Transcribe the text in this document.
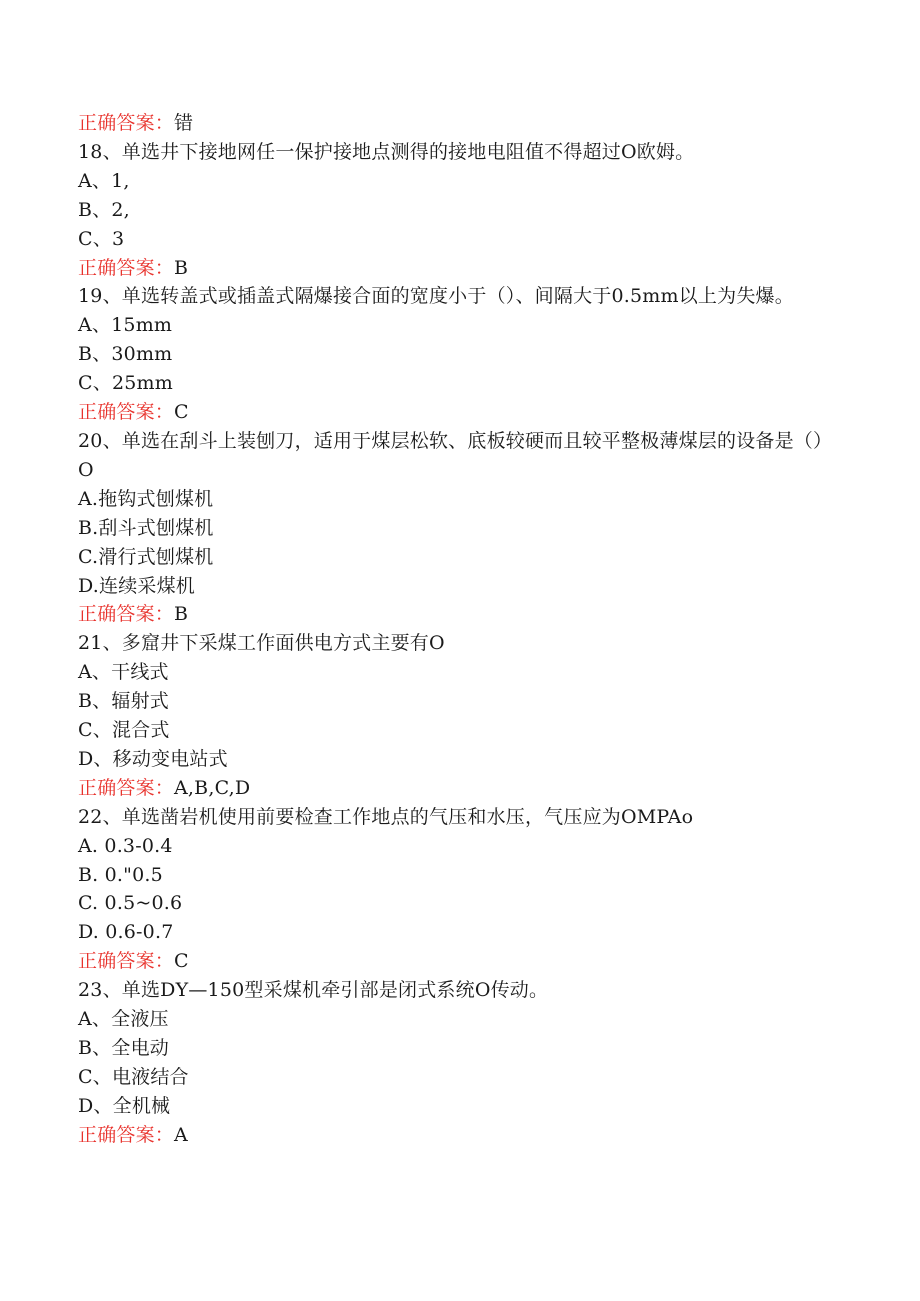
正确答案：错
18、单选井下接地网任一保护接地点测得的接地电阻值不得超过O欧姆。
A、1,
B、2,
C、3
正确答案：B
19、单选转盖式或插盖式隔爆接合面的宽度小于（）、间隔大于0.5mm以上为失爆。
A、15mm
B、30mm
C、25mm
正确答案：C
20、单选在刮斗上装刨刀，适用于煤层松软、底板较硬而且较平整极薄煤层的设备是（）O
A.拖钩式刨煤机
B.刮斗式刨煤机
C.滑行式刨煤机
D.连续采煤机
正确答案：B
21、多窟井下采煤工作面供电方式主要有O
A、干线式
B、辐射式
C、混合式
D、移动变电站式
正确答案：A,B,C,D
22、单选凿岩机使用前要检查工作地点的气压和水压，气压应为OMPAo
A. 0.3-0.4
B. 0."0.5
C. 0.5~0.6
D. 0.6-0.7
正确答案：C
23、单选DY—150型采煤机牵引部是闭式系统O传动。
A、全液压
B、全电动
C、电液结合
D、全机械
正确答案：A
